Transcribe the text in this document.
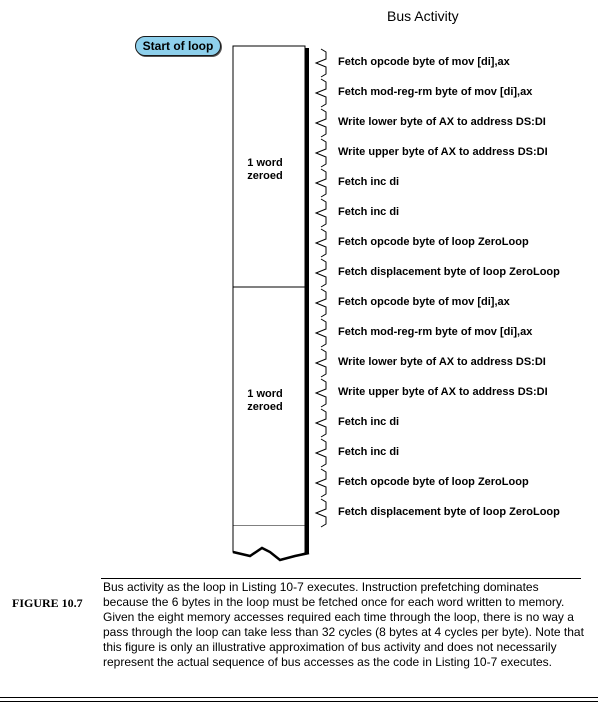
Bus Activity
Start of loop
1 word
zeroed
1 word
zeroed
Fetch opcode byte of mov [di],ax
Fetch mod-reg-rm byte of mov [di],ax
Write lower byte of AX to address DS:DI
Write upper byte of AX to address DS:DI
Fetch inc di
Fetch inc di
Fetch opcode byte of loop ZeroLoop
Fetch displacement byte of loop ZeroLoop
Fetch opcode byte of mov [di],ax
Fetch mod-reg-rm byte of mov [di],ax
Write lower byte of AX to address DS:DI
Write upper byte of AX to address DS:DI
Fetch inc di
Fetch inc di
Fetch opcode byte of loop ZeroLoop
Fetch displacement byte of loop ZeroLoop
FIGURE 10.7
Bus activity as the loop in Listing 10-7 executes. Instruction prefetching dominates because the 6 bytes in the loop must be fetched once for each word written to memory. Given the eight memory accesses required each time through the loop, there is no way a pass through the loop can take less than 32 cycles (8 bytes at 4 cycles per byte). Note that this figure is only an illustrative approximation of bus activity and does not necessarily represent the actual sequence of bus accesses as the code in Listing 10-7 executes.
